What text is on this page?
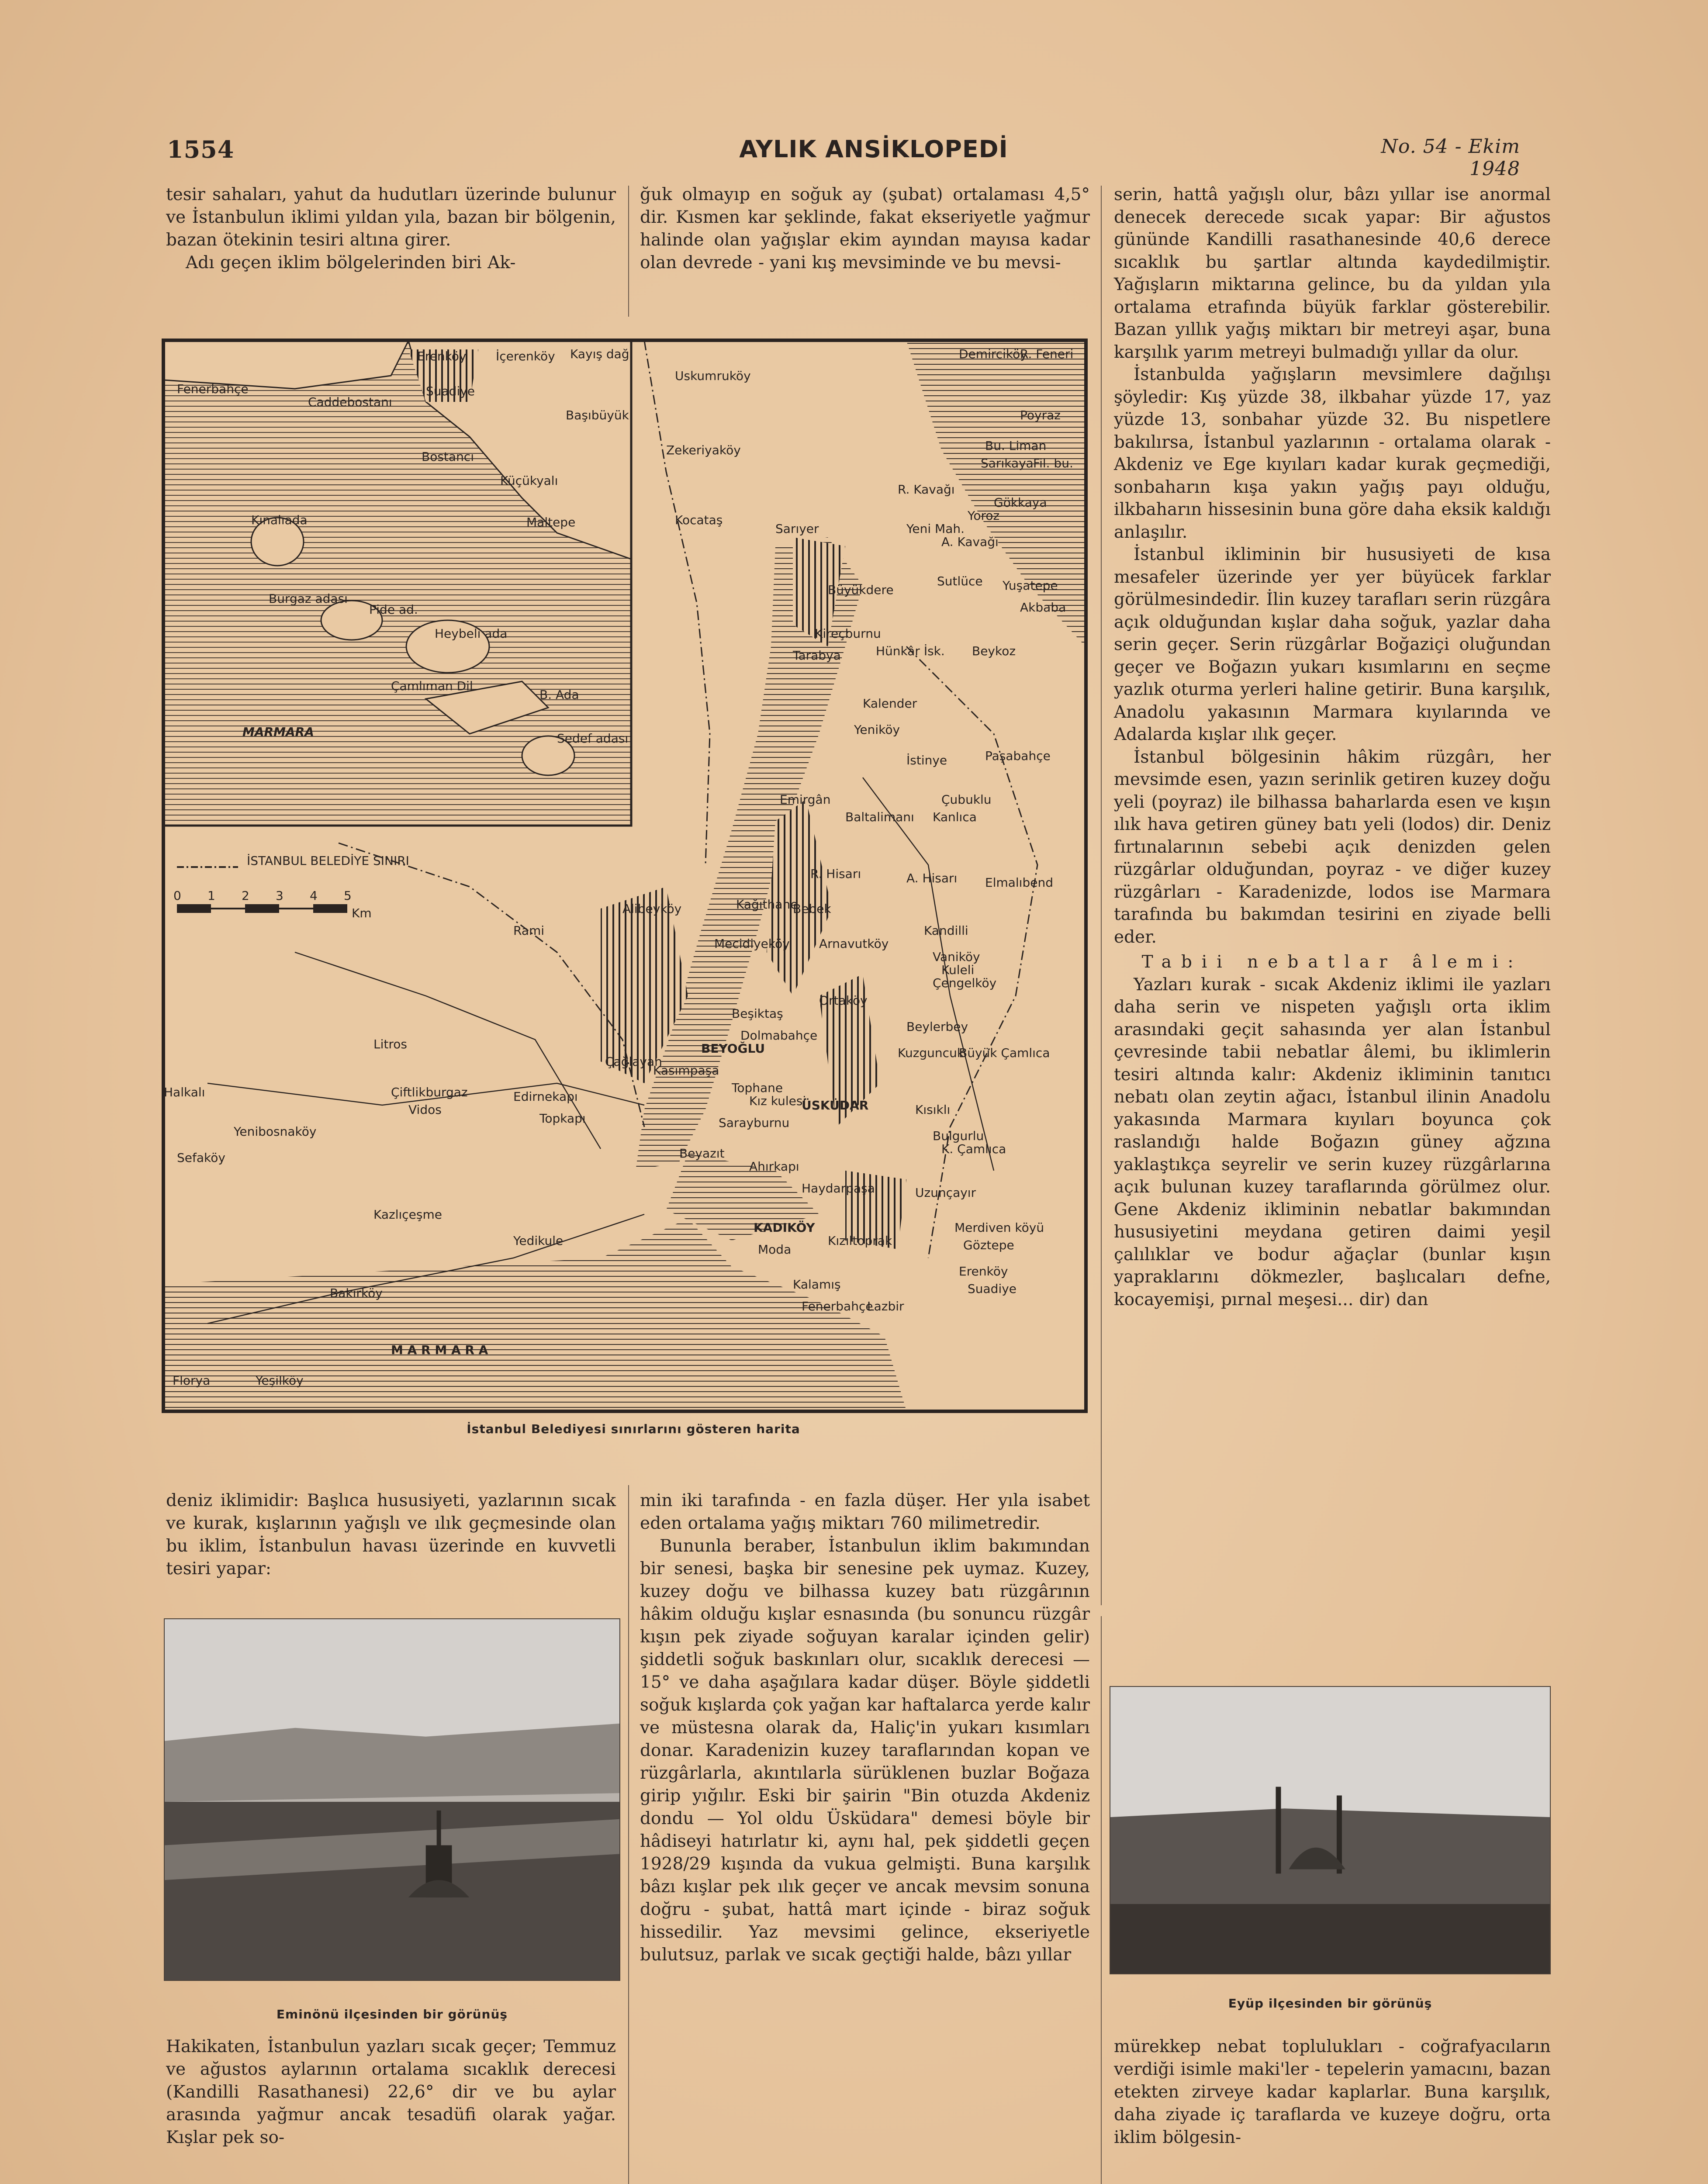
1554	AYLIK ANSİKLOPEDİ	No. 54 - Ekim 1948

tesir sahaları, yahut da hudutları üzerinde bulunur ve İstanbulun iklimi yıldan yıla, bazan bir bölgenin, bazan ötekinin tesiri altına girer.

Adı geçen iklim bölgelerinden biri Ak-

ğuk olmayıp en soğuk ay (şubat) ortalaması 4,5° dir. Kısmen kar şeklinde, fakat ekseriyetle yağmur halinde olan yağışlar ekim ayından mayısa kadar olan devrede - yani kış mevsiminde ve bu mevsi-

serin, hattâ yağışlı olur, bâzı yıllar ise anormal denecek derecede sıcak yapar: Bir ağustos gününde Kandilli rasathanesinde 40,6 derece sıcaklık bu şartlar altında kaydedilmiştir. Yağışların miktarına gelince, bu da yıldan yıla ortalama etrafında büyük farklar gösterebilir. Bazan yıllık yağış miktarı bir metreyi aşar, buna karşılık yarım metreyi bulmadığı yıllar da olur.

İstanbulda yağışların mevsimlere dağılışı şöyledir: Kış yüzde 38, ilkbahar yüzde 17, yaz yüzde 13, sonbahar yüzde 32. Bu nispetlere bakılırsa, İstanbul yazlarının - ortalama olarak - Akdeniz ve Ege kıyıları kadar kurak geçmediği, sonbaharın kışa yakın yağış payı olduğu, ilkbaharın hissesinin buna göre daha eksik kaldığı anlaşılır.

İstanbul ikliminin bir hususiyeti de kısa mesafeler üzerinde yer yer büyücek farklar görülmesindedir. İlin kuzey tarafları serin rüzgâra açık olduğundan kışlar daha soğuk, yazlar daha serin geçer. Serin rüzgârlar Boğaziçi oluğundan geçer ve Boğazın yukarı kısımlarını en seçme yazlık oturma yerleri haline getirir. Buna karşılık, Anadolu yakasının Marmara kıyılarında ve Adalarda kışlar ılık geçer.

İstanbul bölgesinin hâkim rüzgârı, her mevsimde esen, yazın serinlik getiren kuzey doğu yeli (poyraz) ile bilhassa baharlarda esen ve kışın ılık hava getiren güney batı yeli (lodos) dir. Deniz fırtınalarının sebebi açık denizden gelen rüzgârlar olduğundan, poyraz - ve diğer kuzey rüzgârları - Karadenizde, lodos ise Marmara tarafında bu bakımdan tesirini en ziyade belli eder.

Tabii nebatlar âlemi:

Yazları kurak - sıcak Akdeniz iklimi ile yazları daha serin ve nispeten yağışlı orta iklim arasındaki geçit sahasında yer alan İstanbul çevresinde tabii nebatlar âlemi, bu iklimlerin tesiri altında kalır: Akdeniz ikliminin tanıtıcı nebatı olan zeytin ağacı, İstanbul ilinin Anadolu yakasında Marmara kıyıları boyunca çok raslandığı halde Boğazın güney ağzına yaklaştıkça seyrelir ve serin kuzey rüzgârlarına açık bulunan kuzey taraflarında görülmez olur. Gene Akdeniz ikliminin nebatlar bakımından hususiyetini meydana getiren daimi yeşil çalılıklar ve bodur ağaçlar (bunlar kışın yapraklarını dökmezler, başlıcaları defne, kocayemişi, pırnal meşesi... dir) dan

İSTANBUL BELEDİYE SINIRI
0 1 2 3 4 5
Km
Erenköy İçerenköy Kayış dağı
Fenerbahçe
Caddebostanı
Suadiye
Başıbüyük
Bostancı
Küçükyalı
Kınalıada	Maltepe
Burgaz adası
Pide ad.
Heybeli ada
Çamlıman Dil
B. Ada
Sedef adası
MARMARA
Uskumruköy
Demirciköy
R. Feneri
Poyraz
Zekeriyaköy	Bu. Liman
Sarıkaya Fil. bu.
R. Kavağı
Gökkaya
Yoroz
Kocataş
Sarıyer	Yeni Mah.
A. Kavağı
Büyükdere
Sutlüce Yuşatepe
Akbaba
Kireçburnu
Tarabya	Hünkâr İsk. Beykoz
Kalender
Yeniköy
İstinye	Paşabahçe
Emirgân	Çubuklu
Baltalimanı Kanlıca
R. Hisarı	A. Hisarı Elmalıbend
Bebek
Kandilli
Alibeyköy	Kağıthane
Arnavutköy
Vaniköy
Kuleli
Mecidiyeköy
Ortaköy
Çengelköy
Rami
Beşiktaş
Beylerbey
Dolmabahçe
Kuzguncuk
Büyük Çamlıca
Litros
Çağlayan
BEYOĞLU
Kasımpaşa
Halkalı	Çiftlikburgaz
Vidos
Edirnekapı
Tophane
Kız kulesi
ÜSKÜDAR	Kısıklı
Bulgurlu
K. Çamlıca
Yenibosnaköy
Topkapı	Sarayburnu
Beyazıt
Sefaköy
Kazlıçeşme
Ahırkapı
Haydarpaşa	Uzunçayır
Yedikule
KADIKÖY	Merdiven köyü
Moda
Kızıltoprak	Göztepe
Bakırköy
Erenköy
Suadiye
Kalamış
Fenerbahçe
Lazbir
M A R M A R A
Florya	Yeşilköy
İstanbul Belediyesi sınırlarını gösteren harita

deniz iklimidir: Başlıca hususiyeti, yazlarının sıcak ve kurak, kışlarının yağışlı ve ılık geçmesinde olan bu iklim, İstanbulun havası üzerinde en kuvvetli tesiri yapar:

Eminönü ilçesinden bir görünüş

Hakikaten, İstanbulun yazları sıcak geçer; Temmuz ve ağustos aylarının ortalama sıcaklık derecesi (Kandilli Rasathanesi) 22,6° dir ve bu aylar arasında yağmur ancak tesadüfi olarak yağar. Kışlar pek so-

min iki tarafında - en fazla düşer. Her yıla isabet eden ortalama yağış miktarı 760 milimetredir.

Bununla beraber, İstanbulun iklim bakımından bir senesi, başka bir senesine pek uymaz. Kuzey, kuzey doğu ve bilhassa kuzey batı rüzgârının hâkim olduğu kışlar esnasında (bu sonuncu rüzgâr kışın pek ziyade soğuyan karalar içinden gelir) şiddetli soğuk baskınları olur, sıcaklık derecesi —15° ve daha aşağılara kadar düşer. Böyle şiddetli soğuk kışlarda çok yağan kar haftalarca yerde kalır ve müstesna olarak da, Haliç'in yukarı kısımları donar. Karadenizin kuzey taraflarından kopan ve rüzgârlarla, akıntılarla sürüklenen buzlar Boğaza girip yığılır. Eski bir şairin "Bin otuzda Akdeniz dondu — Yol oldu Üsküdara" demesi böyle bir hâdiseyi hatırlatır ki, aynı hal, pek şiddetli geçen 1928/29 kışında da vukua gelmişti. Buna karşılık bâzı kışlar pek ılık geçer ve ancak mevsim sonuna doğru - şubat, hattâ mart içinde - biraz soğuk hissedilir. Yaz mevsimi gelince, ekseriyetle bulutsuz, parlak ve sıcak geçtiği halde, bâzı yıllar

Eyüp ilçesinden bir görünüş

mürekkep nebat toplulukları - coğrafyacıların verdiği isimle maki'ler - tepelerin yamacını, bazan etekten zirveye kadar kaplarlar. Buna karşılık, daha ziyade iç taraflarda ve kuzeye doğru, orta iklim bölgesin-
